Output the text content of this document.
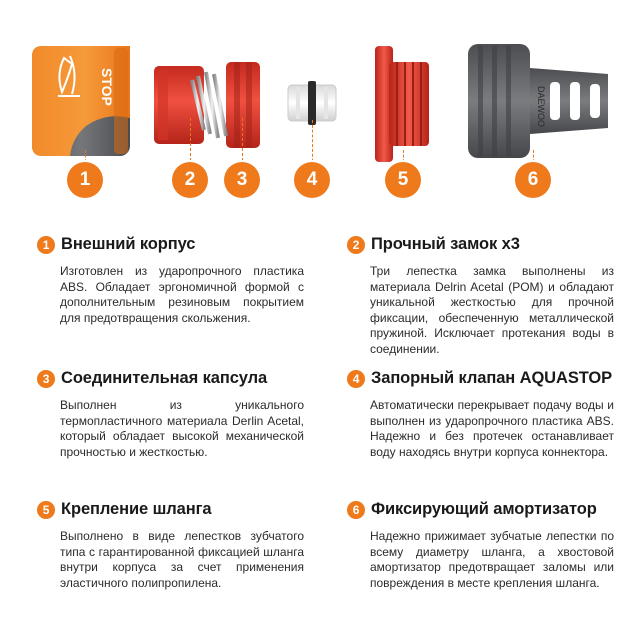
STOP	DAEWOO
1	2	3	4	5	6
1 Внешний корпус

Изготовлен из ударопрочного пластика ABS. Обладает эргономичной формой с дополнительным резиновым покрытием для предотвращения скольжения.

2 Прочный замок x3

Три лепестка замка выполнены из материала Delrin Acetal (POM) и обладают уникальной жесткостью для прочной фиксации, обеспеченную металлической пружиной. Исключает протекания воды в соединении.

3 Соединительная капсула

Выполнен из уникального термопластичного материала Derlin Acetal, который обладает высокой механической прочностью и жесткостью.

4 Запорный клапан AQUASTOP

Автоматически перекрывает подачу воды и выполнен из ударопрочного пластика ABS. Надежно и без протечек останавливает воду находясь внутри корпуса коннектора.

5 Крепление шланга

Выполнено в виде лепестков зубчатого типа с гарантированной фиксацией шланга внутри корпуса за счет применения эластичного полипропилена.

6 Фиксирующий амортизатор

Надежно прижимает зубчатые лепестки по всему диаметру шланга, а хвостовой амортизатор предотвращает заломы или повреждения в месте крепления шланга.
